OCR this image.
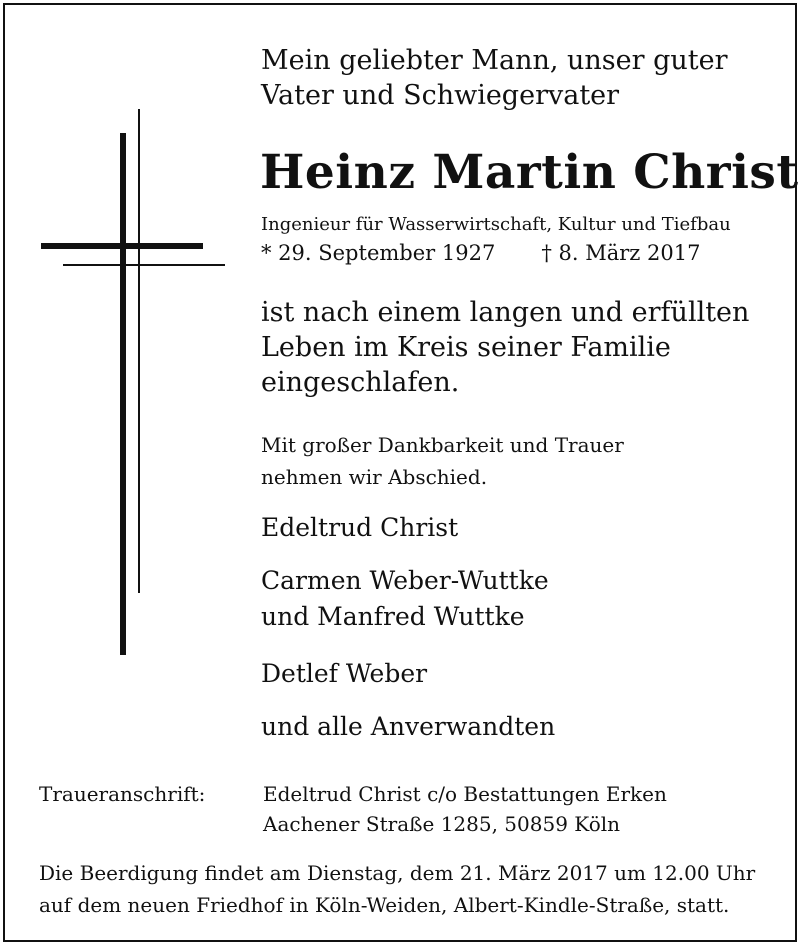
Mein geliebter Mann, unser guter
Vater und Schwiegervater
Heinz Martin Christ
Ingenieur für Wasserwirtschaft, Kultur und Tiefbau
* 29. September 1927 † 8. März 2017
ist nach einem langen und erfüllten
Leben im Kreis seiner Familie
eingeschlafen.
Mit großer Dankbarkeit und Trauer
nehmen wir Abschied.
Edeltrud Christ
Carmen Weber-Wuttke
und Manfred Wuttke
Detlef Weber
und alle Anverwandten
Traueranschrift:	Edeltrud Christ c/o Bestattungen Erken
Aachener Straße 1285, 50859 Köln
Die Beerdigung findet am Dienstag, dem 21. März 2017 um 12.00 Uhr
auf dem neuen Friedhof in Köln-Weiden, Albert-Kindle-Straße, statt.
